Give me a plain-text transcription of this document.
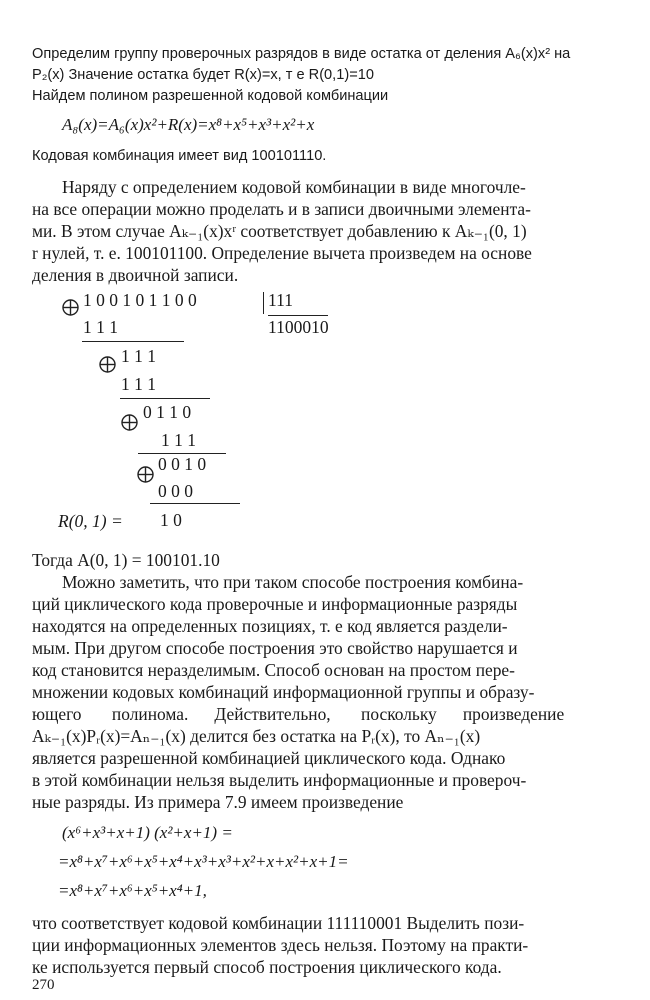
Определим группу проверочных разрядов в виде остатка от деления A₆(x)x² на
P₂(x) Значение остатка будет R(x)=x, т е R(0,1)=10
Найдем полином разрешенной кодовой комбинации
A₈(x)=A₆(x)x²+R(x)=x⁸+x⁵+x³+x²+x
Кодовая комбинация имеет вид 100101110.
Наряду с определением кодовой комбинации в виде многочле-
на все операции можно проделать и в записи двоичными элемента-
ми. В этом случае Aₖ₋₁(x)xʳ соответствует добавлению к Aₖ₋₁(0, 1)
r нулей, т. е. 100101100. Определение вычета произведем на основе
деления в двоичной записи.
1 0 0 1 0 1 1 0 0	111
1100010
1 1 1
1 1 1
1 1 1
0 1 1 0
1 1 1
0 0 1 0
0 0 0
R(0, 1) = 1 0
Тогда A(0, 1) = 100101.10
Можно заметить, что при таком способе построения комбина-
ций циклического кода проверочные и информационные разряды
находятся на определенных позициях, т. е код является раздели-
мым. При другом способе построения это свойство нарушается и
код становится неразделимым. Способ основан на простом пере-
множении кодовых комбинаций информационной группы и образу-
ющего       полинома.      Действительно,       поскольку      произведение
Aₖ₋₁(x)Pᵣ(x)=Aₙ₋₁(x) делится без остатка на Pᵣ(x), то Aₙ₋₁(x)
является разрешенной комбинацией циклического кода. Однако
в этой комбинации нельзя выделить информационные и провероч-
ные разряды. Из примера 7.9 имеем произведение
(x⁶+x³+x+1) (x²+x+1) =
=x⁸+x⁷+x⁶+x⁵+x⁴+x³+x³+x²+x+x²+x+1=
=x⁸+x⁷+x⁶+x⁵+x⁴+1,
что соответствует кодовой комбинации 111110001 Выделить пози-
ции информационных элементов здесь нельзя. Поэтому на практи-
ке используется первый способ построения циклического кода.
270
